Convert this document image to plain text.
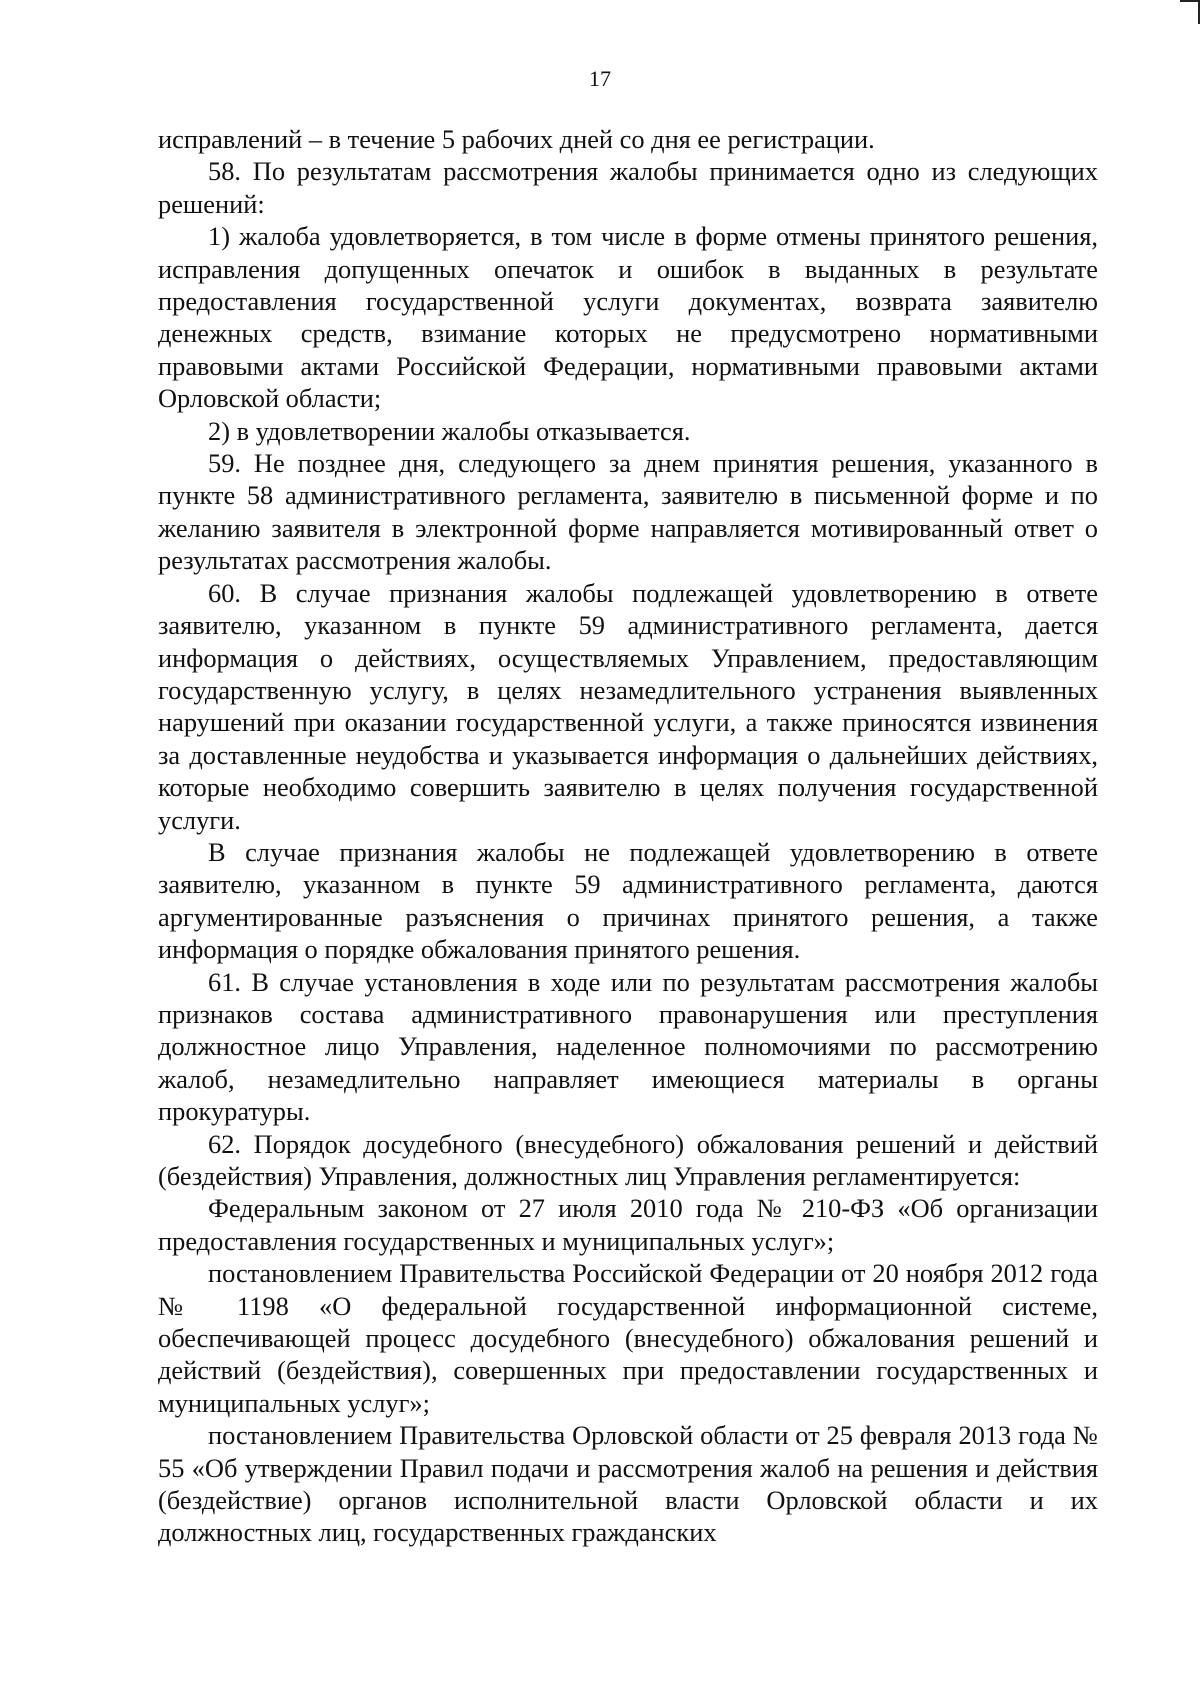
17

исправлений – в течение 5 рабочих дней со дня ее регистрации.

58. По результатам рассмотрения жалобы принимается одно из следующих решений:

1) жалоба удовлетворяется, в том числе в форме отмены принятого решения, исправления допущенных опечаток и ошибок в выданных в результате предоставления государственной услуги документах, возврата заявителю денежных средств, взимание которых не предусмотрено нормативными правовыми актами Российской Федерации, нормативными правовыми актами Орловской области;

2) в удовлетворении жалобы отказывается.

59. Не позднее дня, следующего за днем принятия решения, указанного в пункте 58 административного регламента, заявителю в письменной форме и по желанию заявителя в электронной форме направляется мотивированный ответ о результатах рассмотрения жалобы.

60. В случае признания жалобы подлежащей удовлетворению в ответе заявителю, указанном в пункте 59 административного регламента, дается информация о действиях, осуществляемых Управлением, предоставляющим государственную услугу, в целях незамедлительного устранения выявленных нарушений при оказании государственной услуги, а также приносятся извинения за доставленные неудобства и указывается информация о дальнейших действиях, которые необходимо совершить заявителю в целях получения государственной услуги.

В случае признания жалобы не подлежащей удовлетворению в ответе заявителю, указанном в пункте 59 административного регламента, даются аргументированные разъяснения о причинах принятого решения, а также информация о порядке обжалования принятого решения.

61. В случае установления в ходе или по результатам рассмотрения жалобы признаков состава административного правонарушения или преступления должностное лицо Управления, наделенное полномочиями по рассмотрению жалоб, незамедлительно направляет имеющиеся материалы в органы прокуратуры.

62. Порядок досудебного (внесудебного) обжалования решений и действий (бездействия) Управления, должностных лиц Управления регламентируется:

Федеральным законом от 27 июля 2010 года № 210-ФЗ «Об организации предоставления государственных и муниципальных услуг»;

постановлением Правительства Российской Федерации от 20 ноября 2012 года № 1198 «О федеральной государственной информационной системе, обеспечивающей процесс досудебного (внесудебного) обжалования решений и действий (бездействия), совершенных при предоставлении государственных и муниципальных услуг»;

постановлением Правительства Орловской области от 25 февраля 2013 года № 55 «Об утверждении Правил подачи и рассмотрения жалоб на решения и действия (бездействие) органов исполнительной власти Орловской области и их должностных лиц, государственных гражданских
